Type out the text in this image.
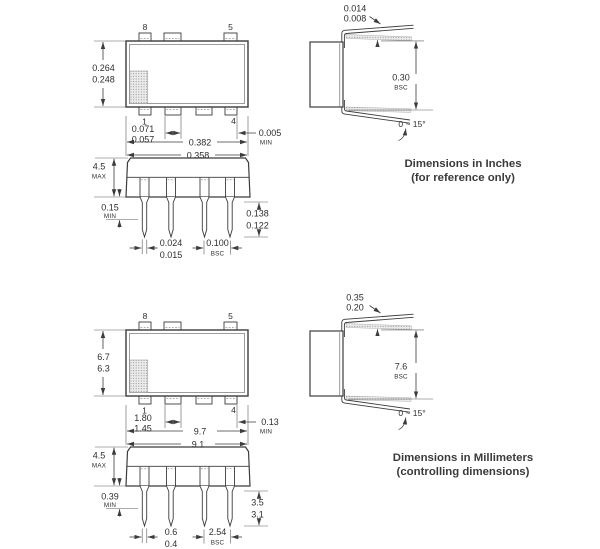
8	5
0.264
0.248
1	4
0.071
0.057
0.005
MIN
0.382
0.358
4.5
MAX
0.15
MIN	0.138
0.122
0.024
0.015
0.100
BSC
0.014
0.008
0.30
BSC
0 ~ 15°
Dimensions in Inches
(for reference only)
8	5
6.7
6.3
1	4
1.80
1.45
0.13
MIN
9.7
9.1
4.5
MAX
0.39
MIN	3.5
3.1
0.6
0.4
2.54
BSC
0.35
0.20
7.6
BSC
0 ~ 15°
Dimensions in Millimeters
(controlling dimensions)
